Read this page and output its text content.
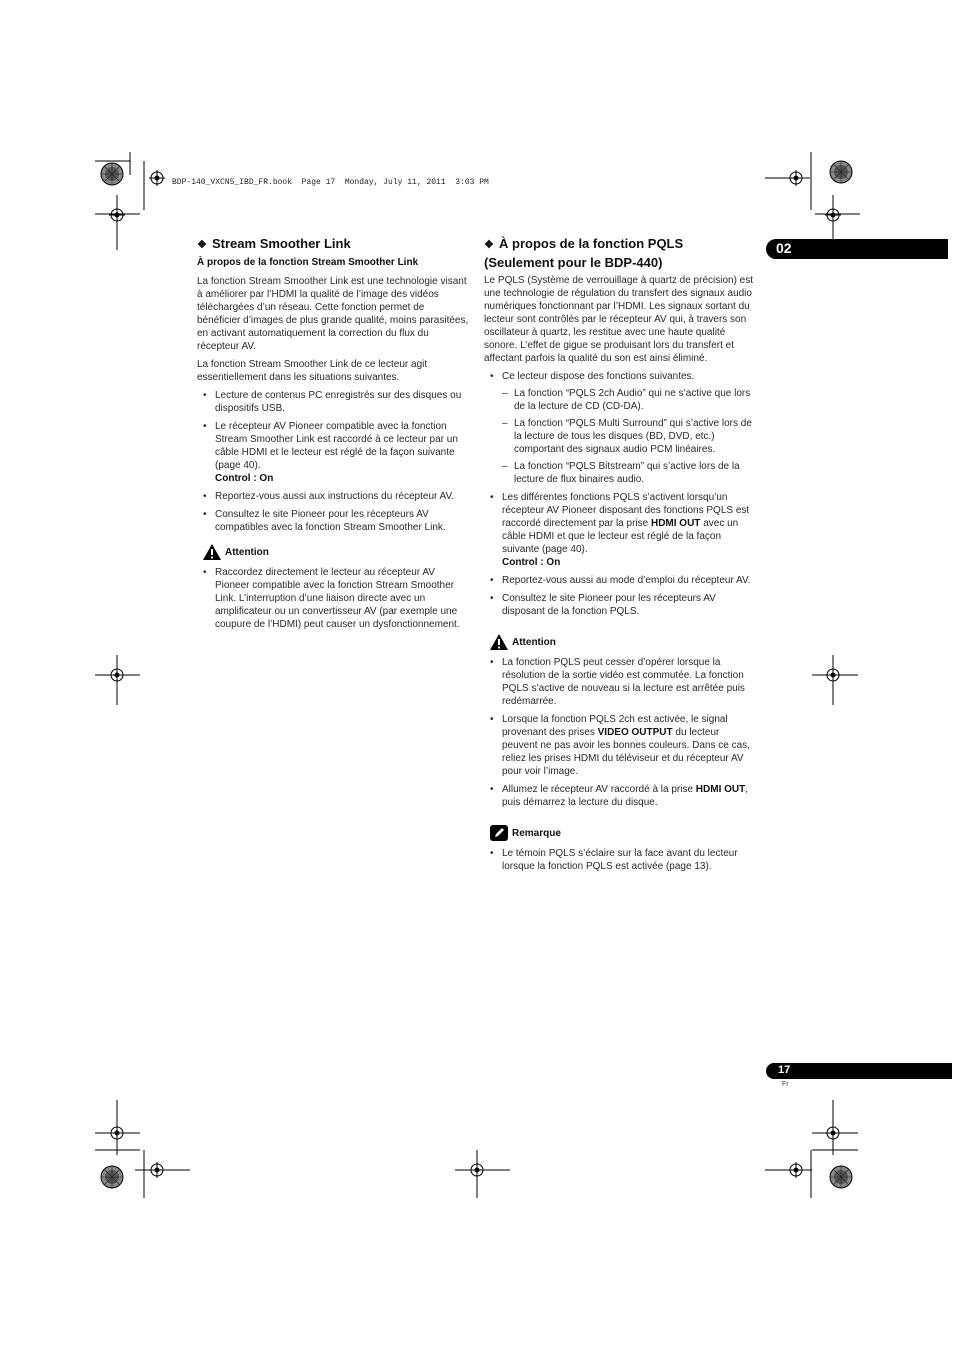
BDP-140_VXCN5_IBD_FR.book  Page 17  Monday, July 11, 2011  3:03 PM
02
17
Fr
❖ Stream Smoother Link
À propos de la fonction Stream Smoother Link

La fonction Stream Smoother Link est une technologie visant à améliorer par l’HDMI la qualité de l’image des vidéos téléchargées d’un réseau. Cette fonction permet de bénéficier d’images de plus grande qualité, moins parasitées, en activant automatiquement la correction du flux du récepteur AV.

La fonction Stream Smoother Link de ce lecteur agit essentiellement dans les situations suivantes.

• Lecture de contenus PC enregistrés sur des disques ou dispositifs USB.
• Le récepteur AV Pioneer compatible avec la fonction Stream Smoother Link est raccordé à ce lecteur par un câble HDMI et le lecteur est réglé de la façon suivante (page 40).
Control : On
• Reportez-vous aussi aux instructions du récepteur AV.
• Consultez le site Pioneer pour les récepteurs AV compatibles avec la fonction Stream Smoother Link.
Attention
• Raccordez directement le lecteur au récepteur AV Pioneer compatible avec la fonction Stream Smoother Link. L’interruption d’une liaison directe avec un amplificateur ou un convertisseur AV (par exemple une coupure de l’HDMI) peut causer un dysfonctionnement.
❖ À propos de la fonction PQLS
(Seulement pour le BDP-440)

Le PQLS (Système de verrouillage à quartz de précision) est une technologie de régulation du transfert des signaux audio numériques fonctionnant par l’HDMI. Les signaux sortant du lecteur sont contrôlés par le récepteur AV qui, à travers son oscillateur à quartz, les restitue avec une haute qualité sonore. L’effet de gigue se produisant lors du transfert et affectant parfois la qualité du son est ainsi éliminé.

• Ce lecteur dispose des fonctions suivantes.
– La fonction “PQLS 2ch Audio” qui ne s’active que lors de la lecture de CD (CD-DA).
– La fonction “PQLS Multi Surround” qui s’active lors de la lecture de tous les disques (BD, DVD, etc.) comportant des signaux audio PCM linéaires.
– La fonction “PQLS Bitstream” qui s’active lors de la lecture de flux binaires audio.
• Les différentes fonctions PQLS s’activent lorsqu’un récepteur AV Pioneer disposant des fonctions PQLS est raccordé directement par la prise HDMI OUT avec un câble HDMI et que le lecteur est réglé de la façon suivante (page 40).
Control : On
• Reportez-vous aussi au mode d’emploi du récepteur AV.
• Consultez le site Pioneer pour les récepteurs AV disposant de la fonction PQLS.
Attention
• La fonction PQLS peut cesser d’opérer lorsque la résolution de la sortie vidéo est commutée. La fonction PQLS s’active de nouveau si la lecture est arrêtée puis redémarrée.
• Lorsque la fonction PQLS 2ch est activée, le signal provenant des prises VIDEO OUTPUT du lecteur peuvent ne pas avoir les bonnes couleurs. Dans ce cas, reliez les prises HDMI du téléviseur et du récepteur AV pour voir l’image.
• Allumez le récepteur AV raccordé à la prise HDMI OUT, puis démarrez la lecture du disque.
Remarque
• Le témoin PQLS s’éclaire sur la face avant du lecteur lorsque la fonction PQLS est activée (page 13).
